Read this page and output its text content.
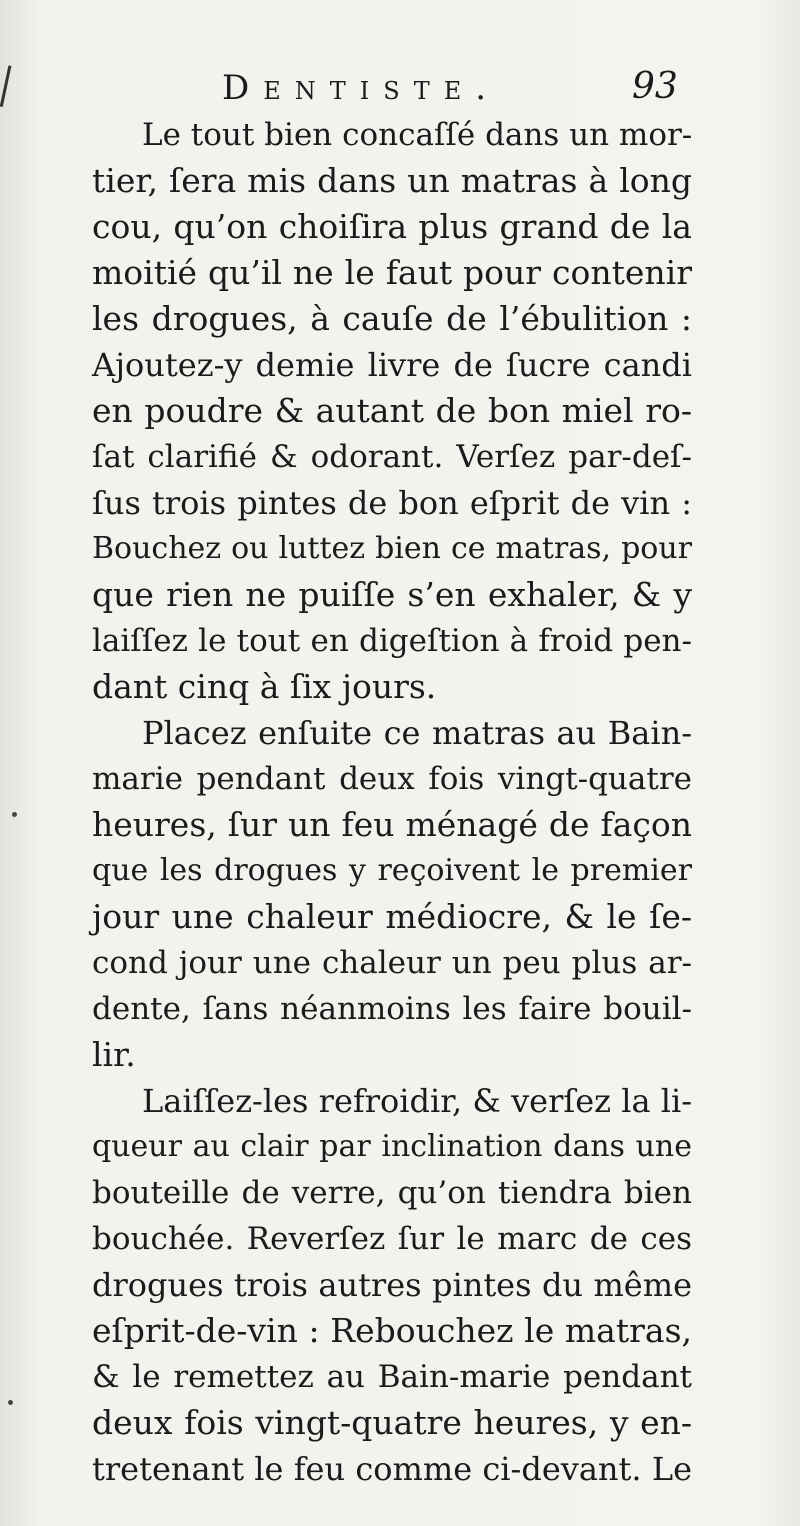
Dentiste.	93
Le tout bien concaſſé dans un mor-
tier, ſera mis dans un matras à long
cou, qu’on choiſira plus grand de la
moitié qu’il ne le faut pour contenir
les drogues, à cauſe de l’ébulition :
Ajoutez-y demie livre de ſucre candi
en poudre & autant de bon miel ro-
ſat clarifié & odorant. Verſez par-deſ-
ſus trois pintes de bon eſprit de vin :
Bouchez ou luttez bien ce matras, pour
que rien ne puiſſe s’en exhaler, & y
laiſſez le tout en digeſtion à froid pen-
dant cinq à ſix jours.
Placez enſuite ce matras au Bain-
marie pendant deux fois vingt-quatre
heures, ſur un feu ménagé de façon
que les drogues y reçoivent le premier
jour une chaleur médiocre, & le ſe-
cond jour une chaleur un peu plus ar-
dente, ſans néanmoins les faire bouil-
lir.
Laiſſez-les refroidir, & verſez la li-
queur au clair par inclination dans une
bouteille de verre, qu’on tiendra bien
bouchée. Reverſez ſur le marc de ces
drogues trois autres pintes du même
eſprit-de-vin : Rebouchez le matras,
& le remettez au Bain-marie pendant
deux fois vingt-quatre heures, y en-
tretenant le feu comme ci-devant. Le
